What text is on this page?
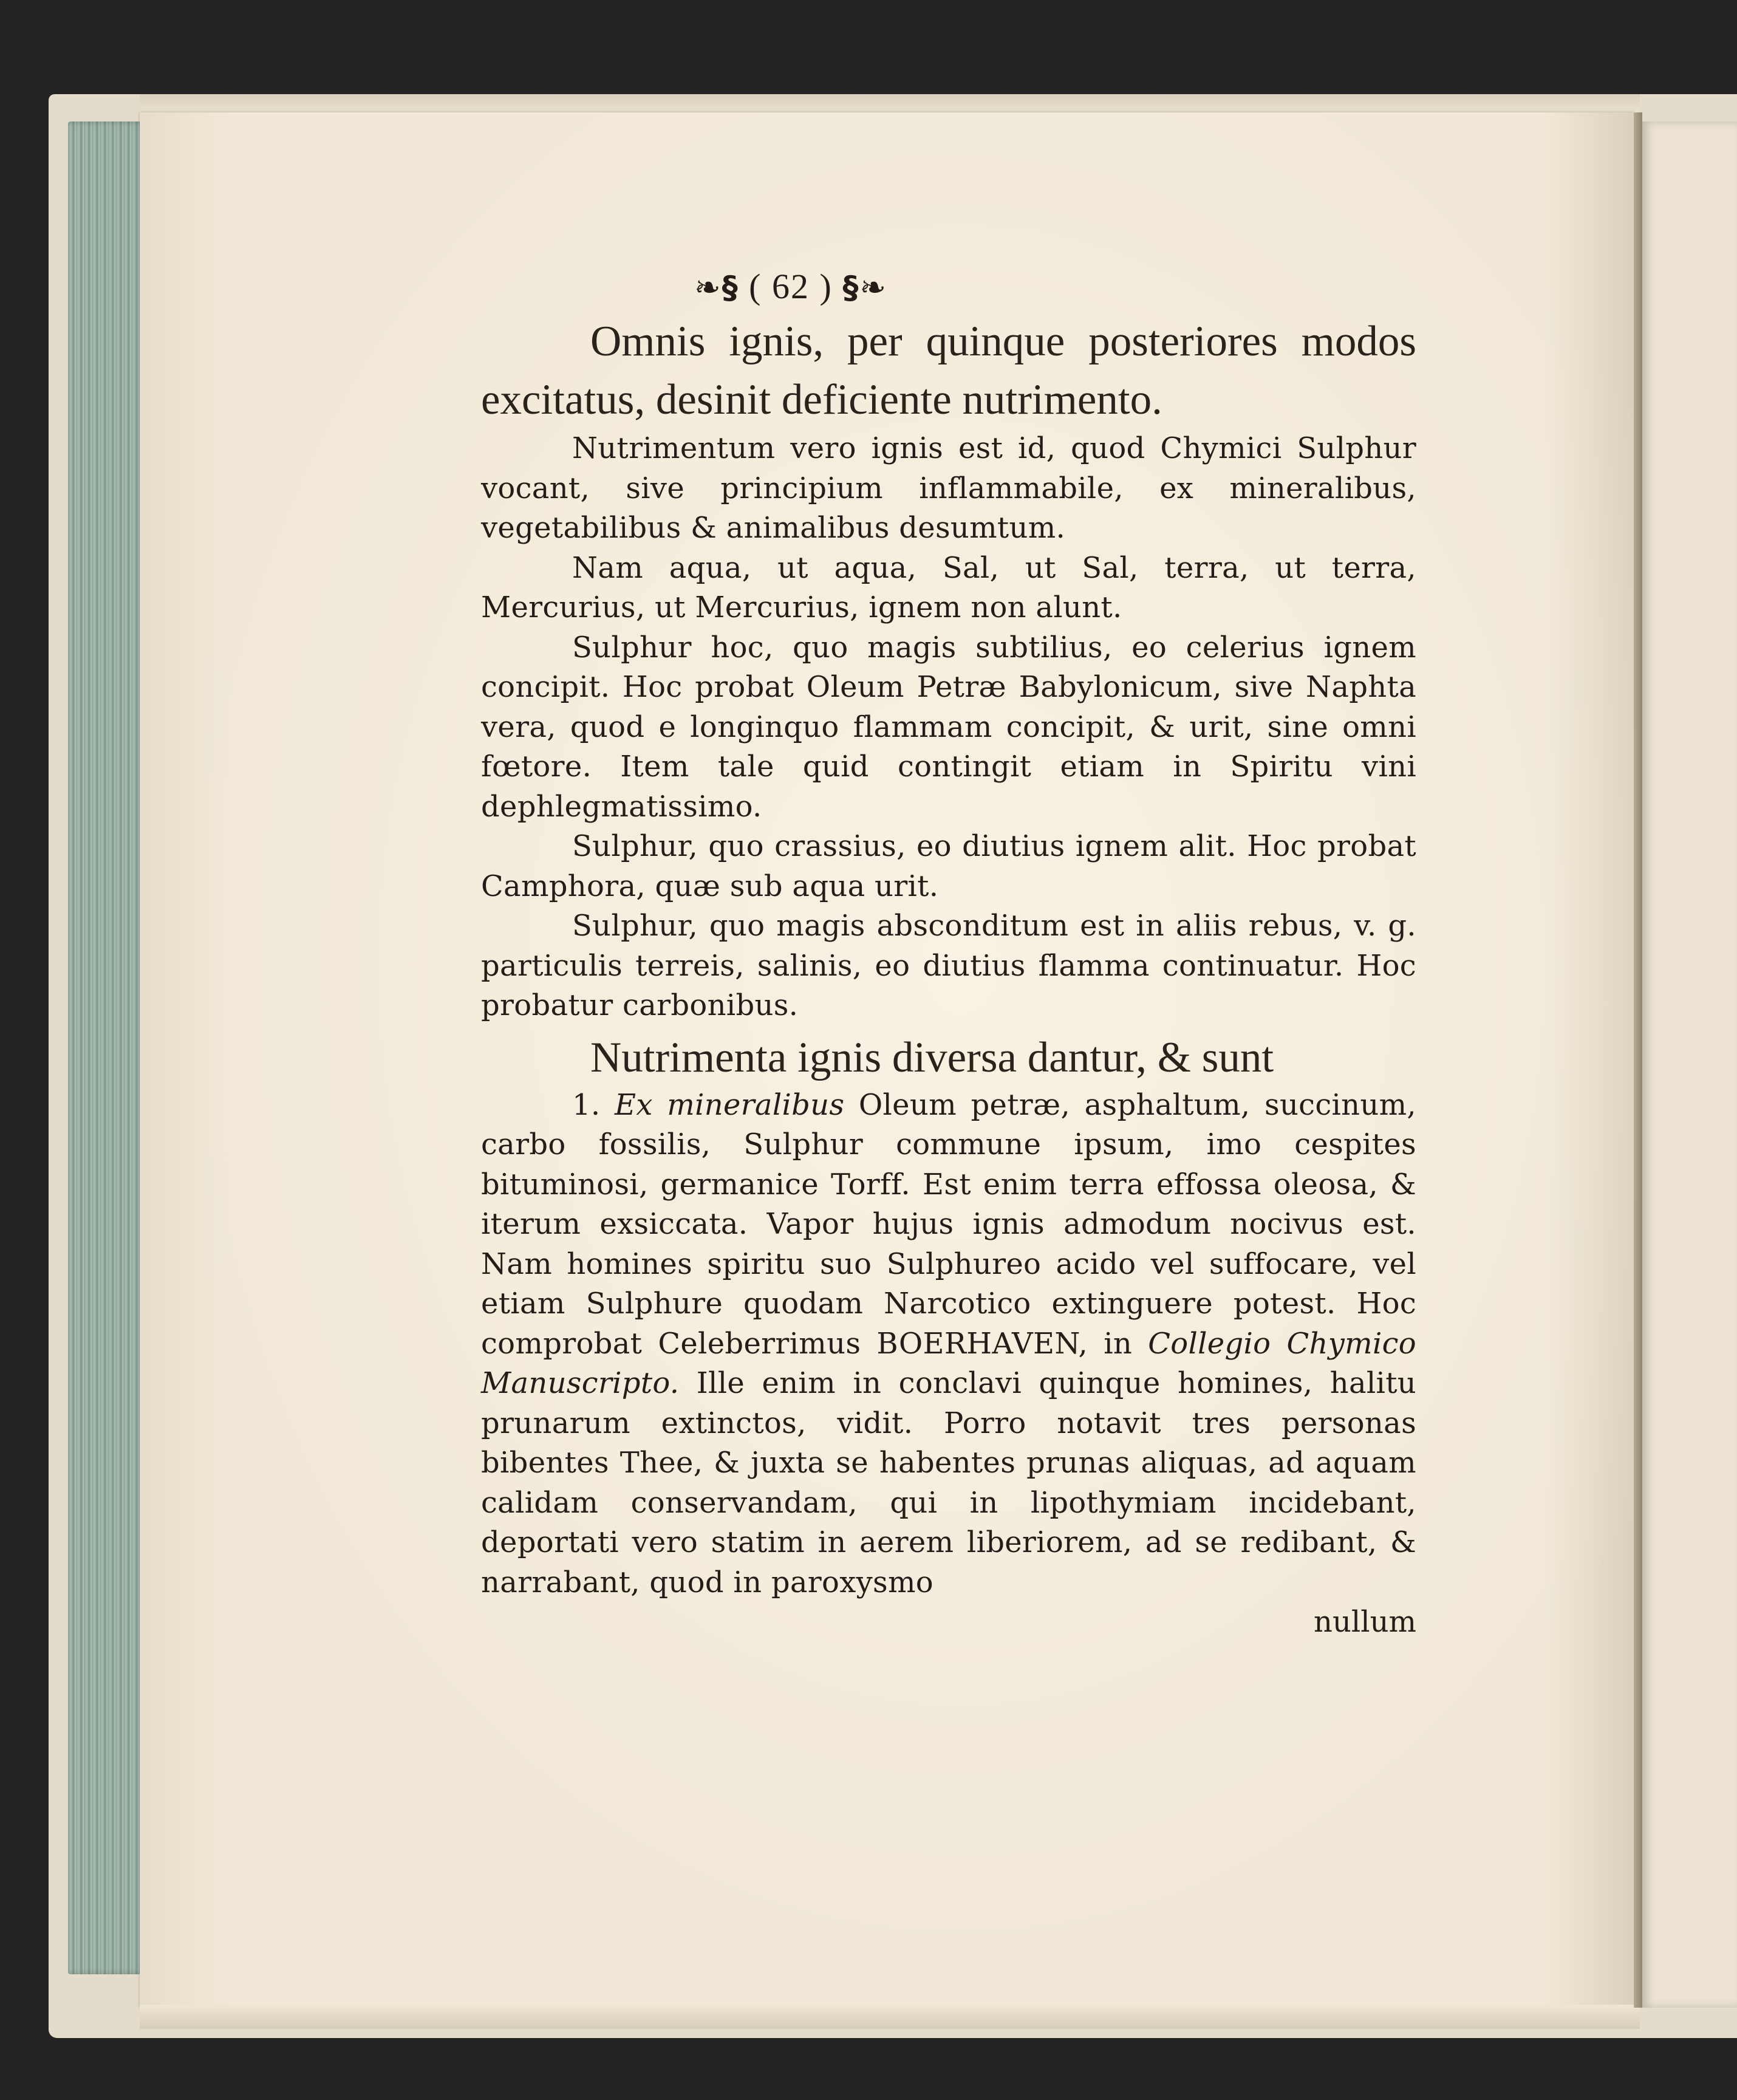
❧§ ( 62 ) §❧

Omnis ignis, per quinque posteriores modos excitatus, desinit deficiente nutrimento.

Nutrimentum vero ignis est id, quod Chymici Sulphur vocant, sive principium inflammabile, ex mineralibus, vegetabilibus & animalibus desumtum.

Nam aqua, ut aqua, Sal, ut Sal, terra, ut terra, Mercurius, ut Mercurius, ignem non alunt.

Sulphur hoc, quo magis subtilius, eo celerius ignem concipit. Hoc probat Oleum Petræ Babylonicum, sive Naphta vera, quod e longinquo flammam concipit, & urit, sine omni fœtore. Item tale quid contingit etiam in Spiritu vini dephlegmatissimo.

Sulphur, quo crassius, eo diutius ignem alit. Hoc probat Camphora, quæ sub aqua urit.

Sulphur, quo magis absconditum est in aliis rebus, v. g. particulis terreis, salinis, eo diutius flamma continuatur. Hoc probatur carbonibus.

Nutrimenta ignis diversa dantur, & sunt

1. Ex mineralibus Oleum petræ, asphaltum, succinum, carbo fossilis, Sulphur commune ipsum, imo cespites bituminosi, germanice Torff. Est enim terra effossa oleosa, & iterum exsiccata. Vapor hujus ignis admodum nocivus est. Nam homines spiritu suo Sulphureo acido vel suffocare, vel etiam Sulphure quodam Narcotico extinguere potest. Hoc comprobat Celeberrimus BOERHAVEN, in Collegio Chymico Manuscripto. Ille enim in conclavi quinque homines, halitu prunarum extinctos, vidit. Porro notavit tres personas bibentes Thee, & juxta se habentes prunas aliquas, ad aquam calidam conservandam, qui in lipothymiam incidebant, deportati vero statim in aerem liberiorem, ad se redibant, & narrabant, quod in paroxysmo

nullum
